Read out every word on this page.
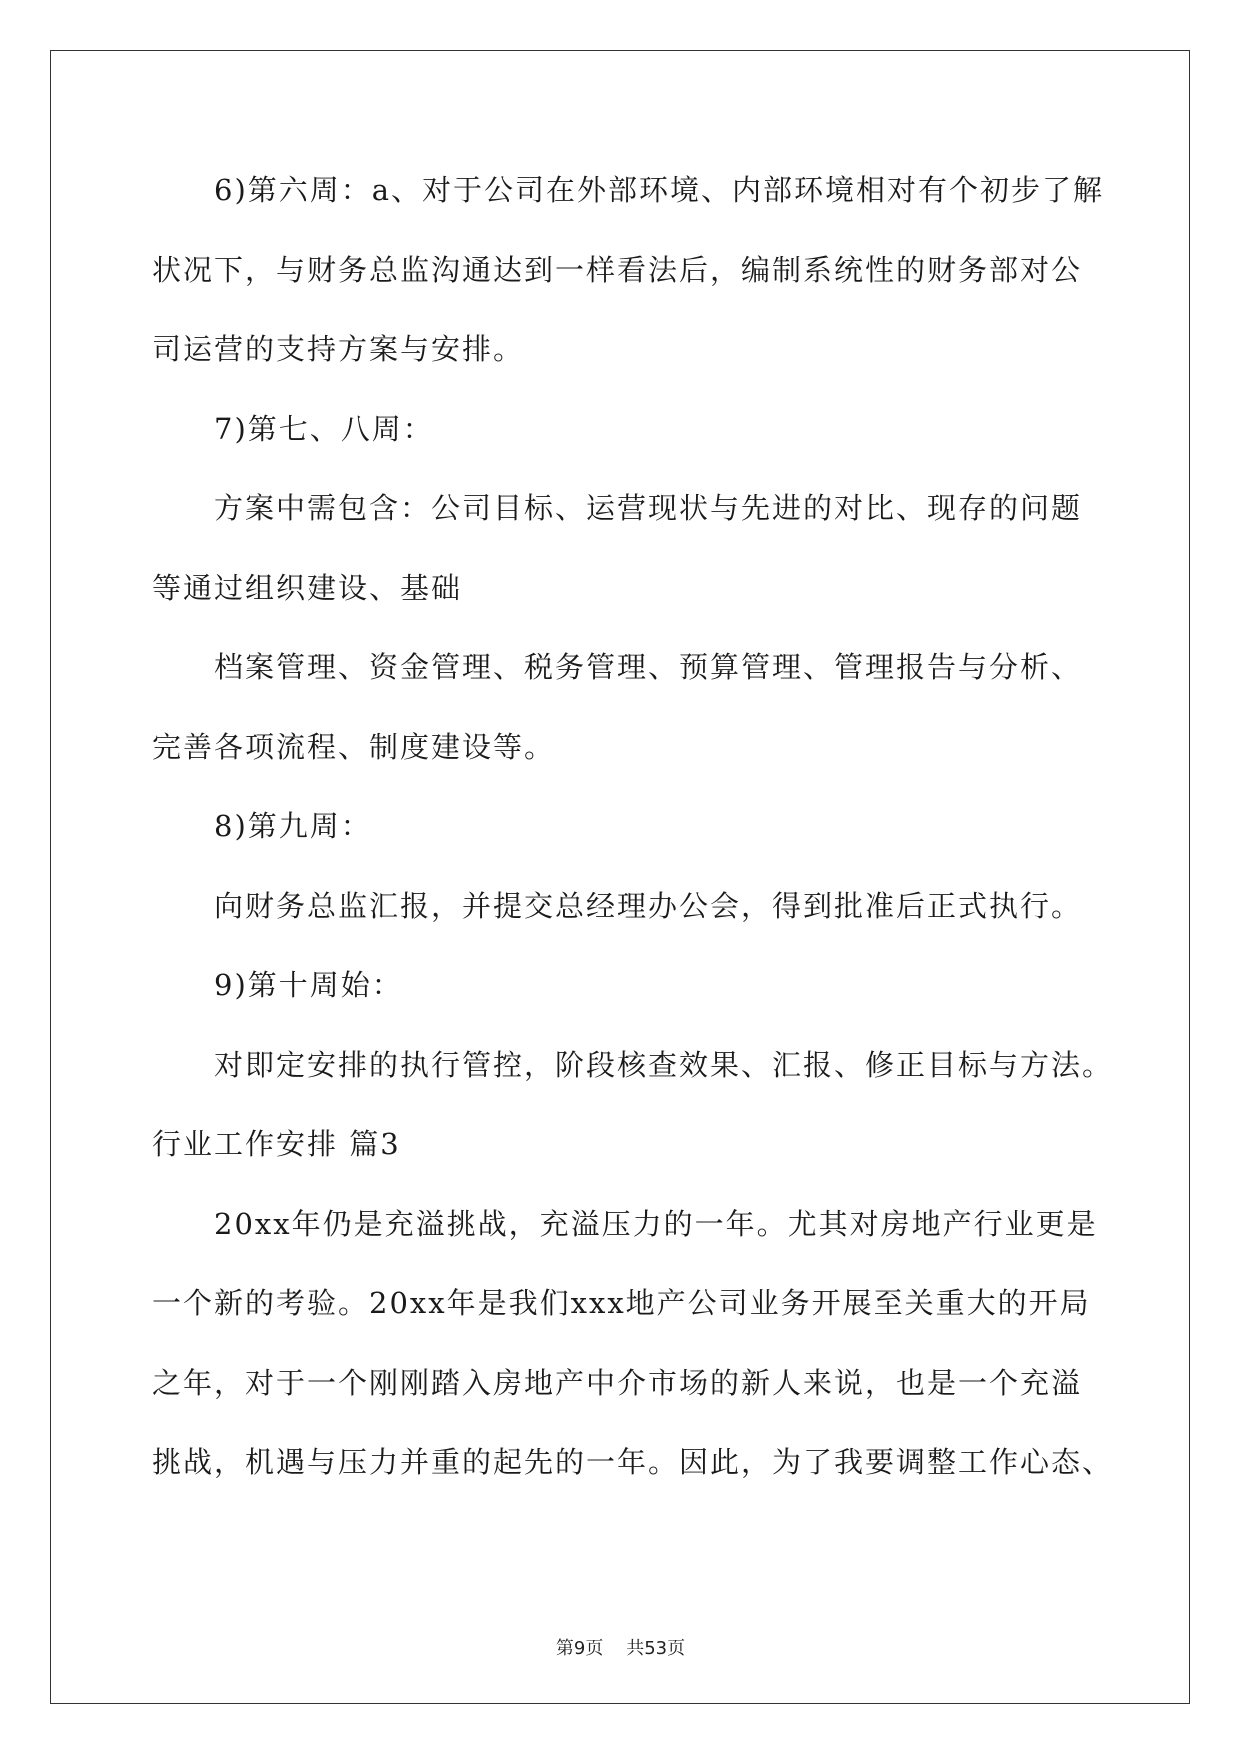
6)第六周：a、对于公司在外部环境、内部环境相对有个初步了解
状况下，与财务总监沟通达到一样看法后，编制系统性的财务部对公
司运营的支持方案与安排。
7)第七、八周：
方案中需包含：公司目标、运营现状与先进的对比、现存的问题
等通过组织建设、基础
档案管理、资金管理、税务管理、预算管理、管理报告与分析、
完善各项流程、制度建设等。
8)第九周：
向财务总监汇报，并提交总经理办公会，得到批准后正式执行。
9)第十周始：
对即定安排的执行管控，阶段核查效果、汇报、修正目标与方法。
行业工作安排 篇3
20xx年仍是充溢挑战，充溢压力的一年。尤其对房地产行业更是
一个新的考验。20xx年是我们xxx地产公司业务开展至关重大的开局
之年，对于一个刚刚踏入房地产中介市场的新人来说，也是一个充溢
挑战，机遇与压力并重的起先的一年。因此，为了我要调整工作心态、
第9页 共53页
